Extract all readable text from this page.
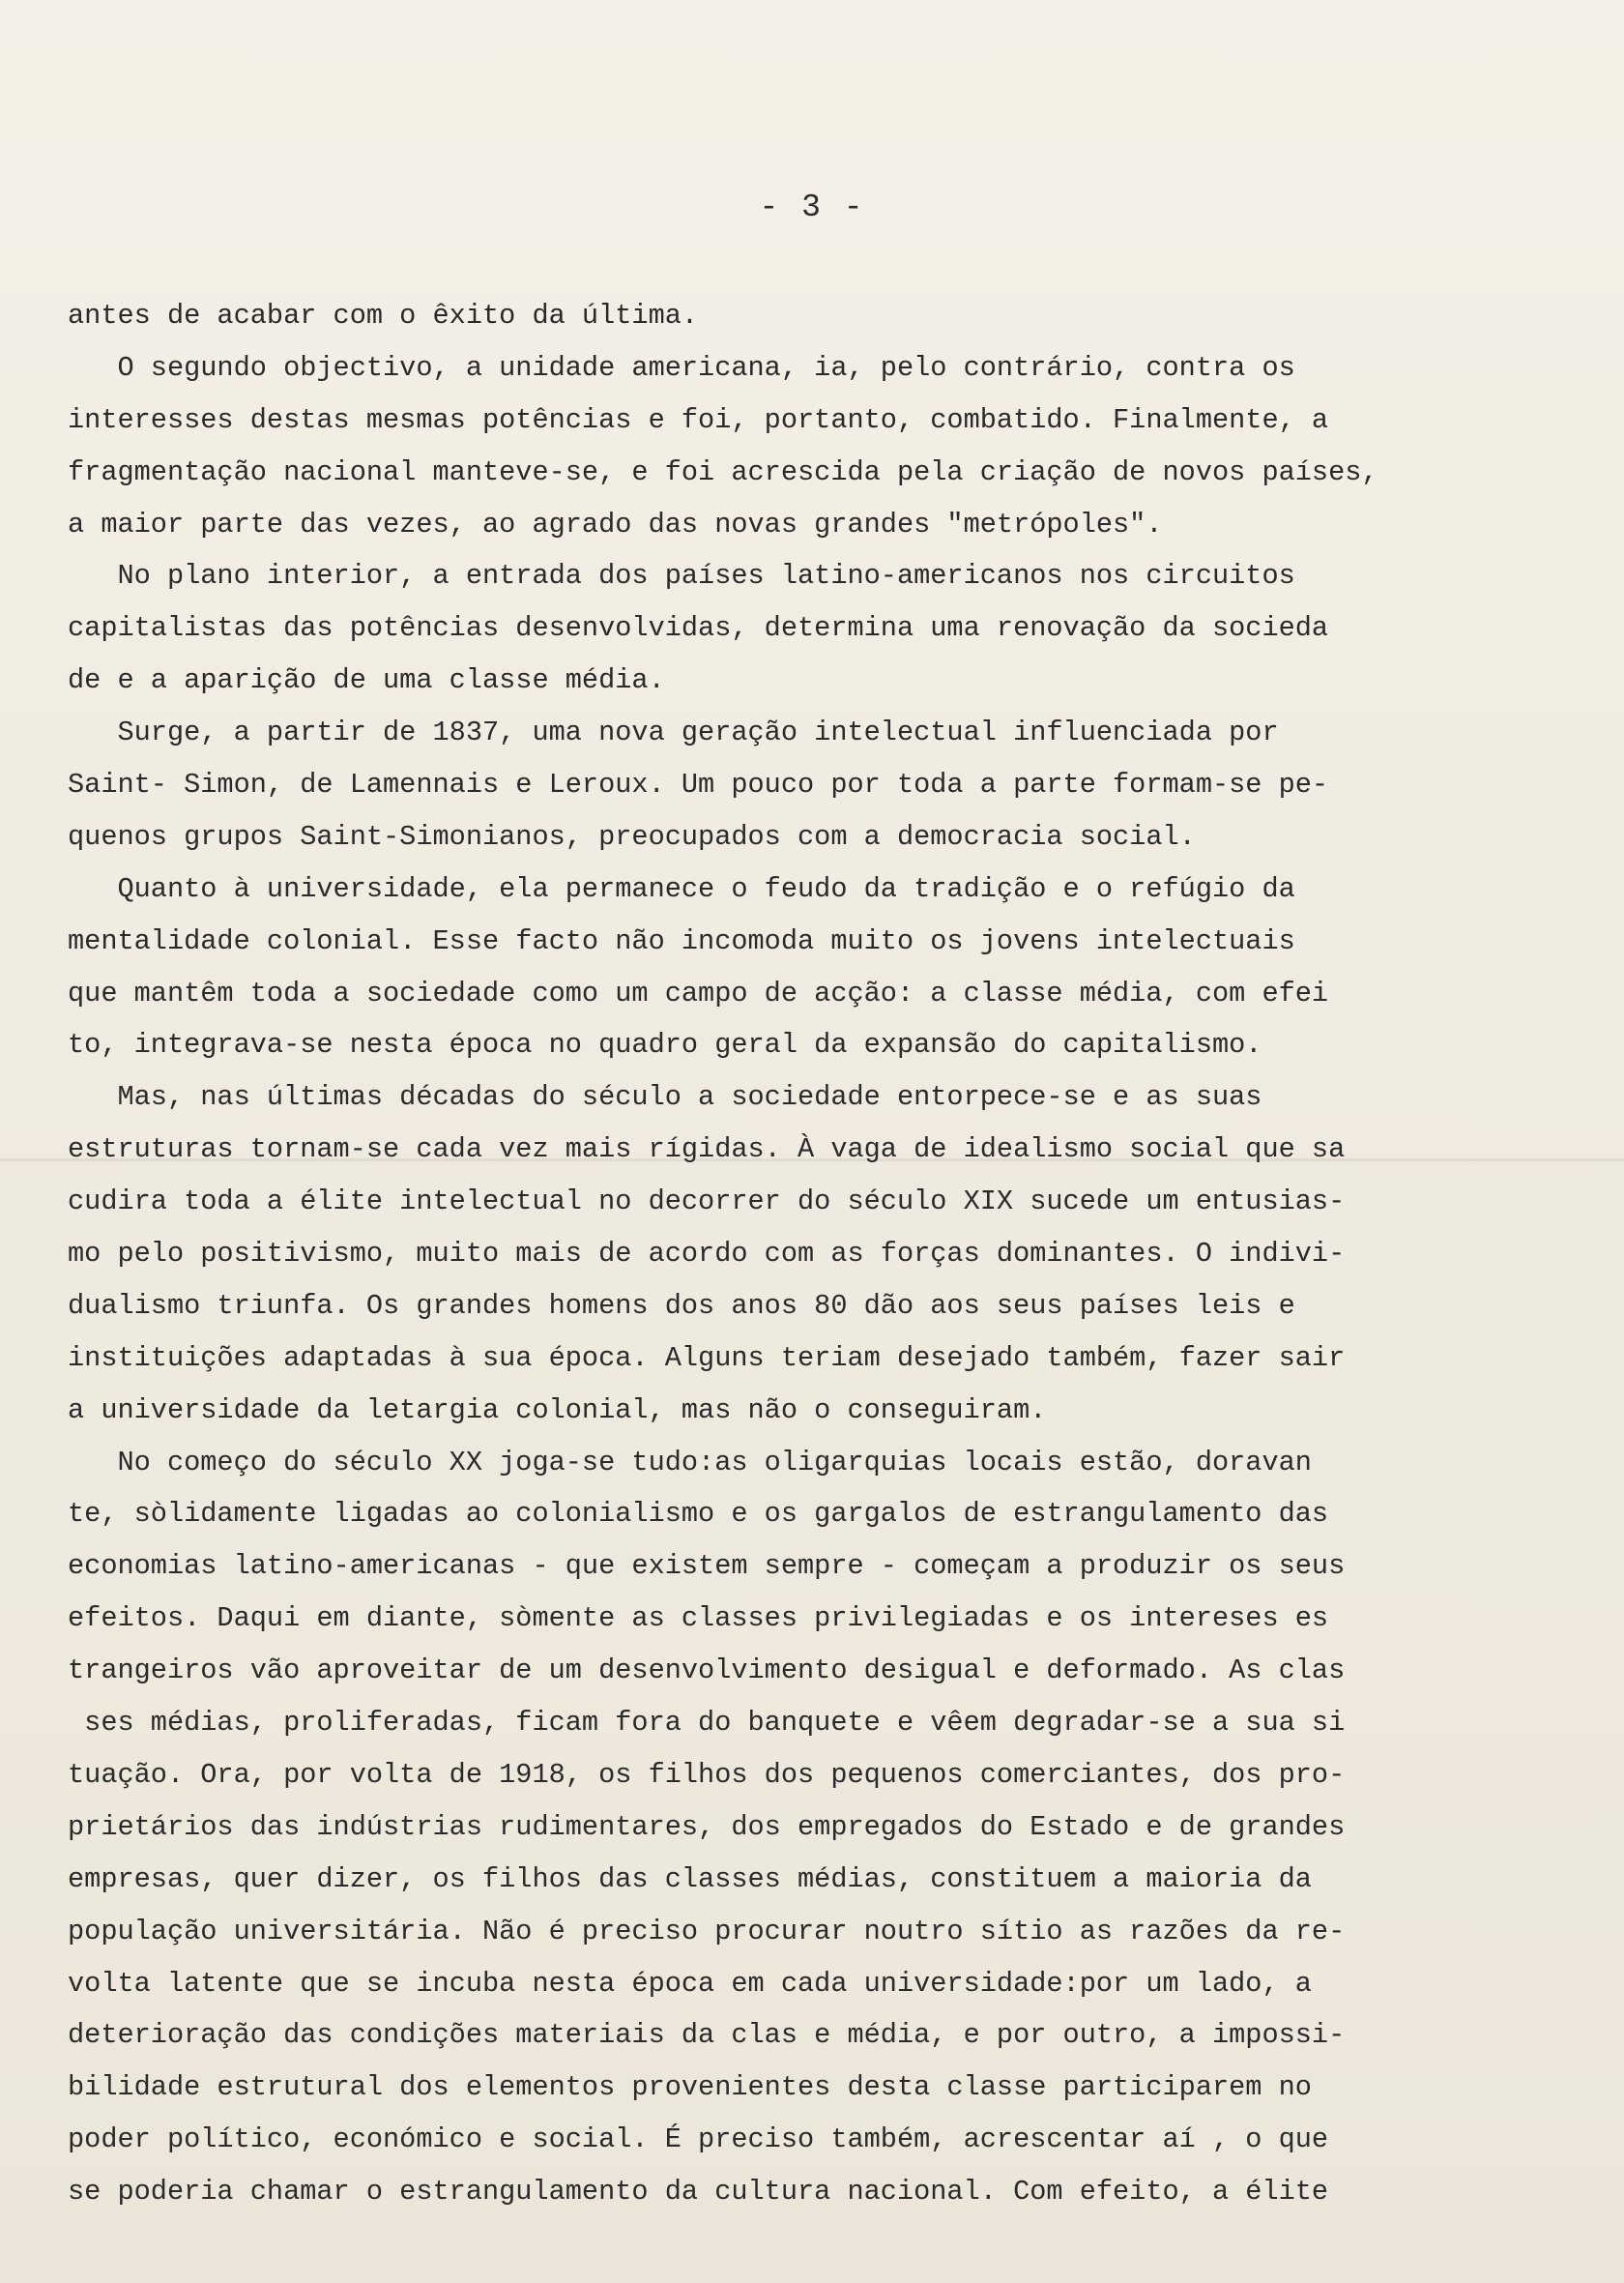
- 3 -
antes de acabar com o êxito da última.
O segundo objectivo, a unidade americana, ia, pelo contrário, contra os
interesses destas mesmas potências e foi, portanto, combatido. Finalmente, a
fragmentação nacional manteve-se, e foi acrescida pela criação de novos países,
a maior parte das vezes, ao agrado das novas grandes "metrópoles".
No plano interior, a entrada dos países latino-americanos nos circuitos
capitalistas das potências desenvolvidas, determina uma renovação da socieda
de e a aparição de uma classe média.
Surge, a partir de 1837, uma nova geração intelectual influenciada por
Saint- Simon, de Lamennais e Leroux. Um pouco por toda a parte formam-se pe-
quenos grupos Saint-Simonianos, preocupados com a democracia social.
Quanto à universidade, ela permanece o feudo da tradição e o refúgio da
mentalidade colonial. Esse facto não incomoda muito os jovens intelectuais
que mantêm toda a sociedade como um campo de acção: a classe média, com efei
to, integrava-se nesta época no quadro geral da expansão do capitalismo.
Mas, nas últimas décadas do século a sociedade entorpece-se e as suas
estruturas tornam-se cada vez mais rígidas. À vaga de idealismo social que sa
cudira toda a élite intelectual no decorrer do século XIX sucede um entusias-
mo pelo positivismo, muito mais de acordo com as forças dominantes. O indivi-
dualismo triunfa. Os grandes homens dos anos 80 dão aos seus países leis e
instituições adaptadas à sua época. Alguns teriam desejado também, fazer sair
a universidade da letargia colonial, mas não o conseguiram.
No começo do século XX joga-se tudo:as oligarquias locais estão, doravan
te, sòlidamente ligadas ao colonialismo e os gargalos de estrangulamento das
economias latino-americanas - que existem sempre - começam a produzir os seus
efeitos. Daqui em diante, sòmente as classes privilegiadas e os intereses es
trangeiros vão aproveitar de um desenvolvimento desigual e deformado. As clas
ses médias, proliferadas, ficam fora do banquete e vêem degradar-se a sua si
tuação. Ora, por volta de 1918, os filhos dos pequenos comerciantes, dos pro-
prietários das indústrias rudimentares, dos empregados do Estado e de grandes
empresas, quer dizer, os filhos das classes médias, constituem a maioria da
população universitária. Não é preciso procurar noutro sítio as razões da re-
volta latente que se incuba nesta época em cada universidade:por um lado, a
deterioração das condições materiais da clas e média, e por outro, a impossi-
bilidade estrutural dos elementos provenientes desta classe participarem no
poder político, económico e social. É preciso também, acrescentar aí , o que
se poderia chamar o estrangulamento da cultura nacional. Com efeito, a élite
